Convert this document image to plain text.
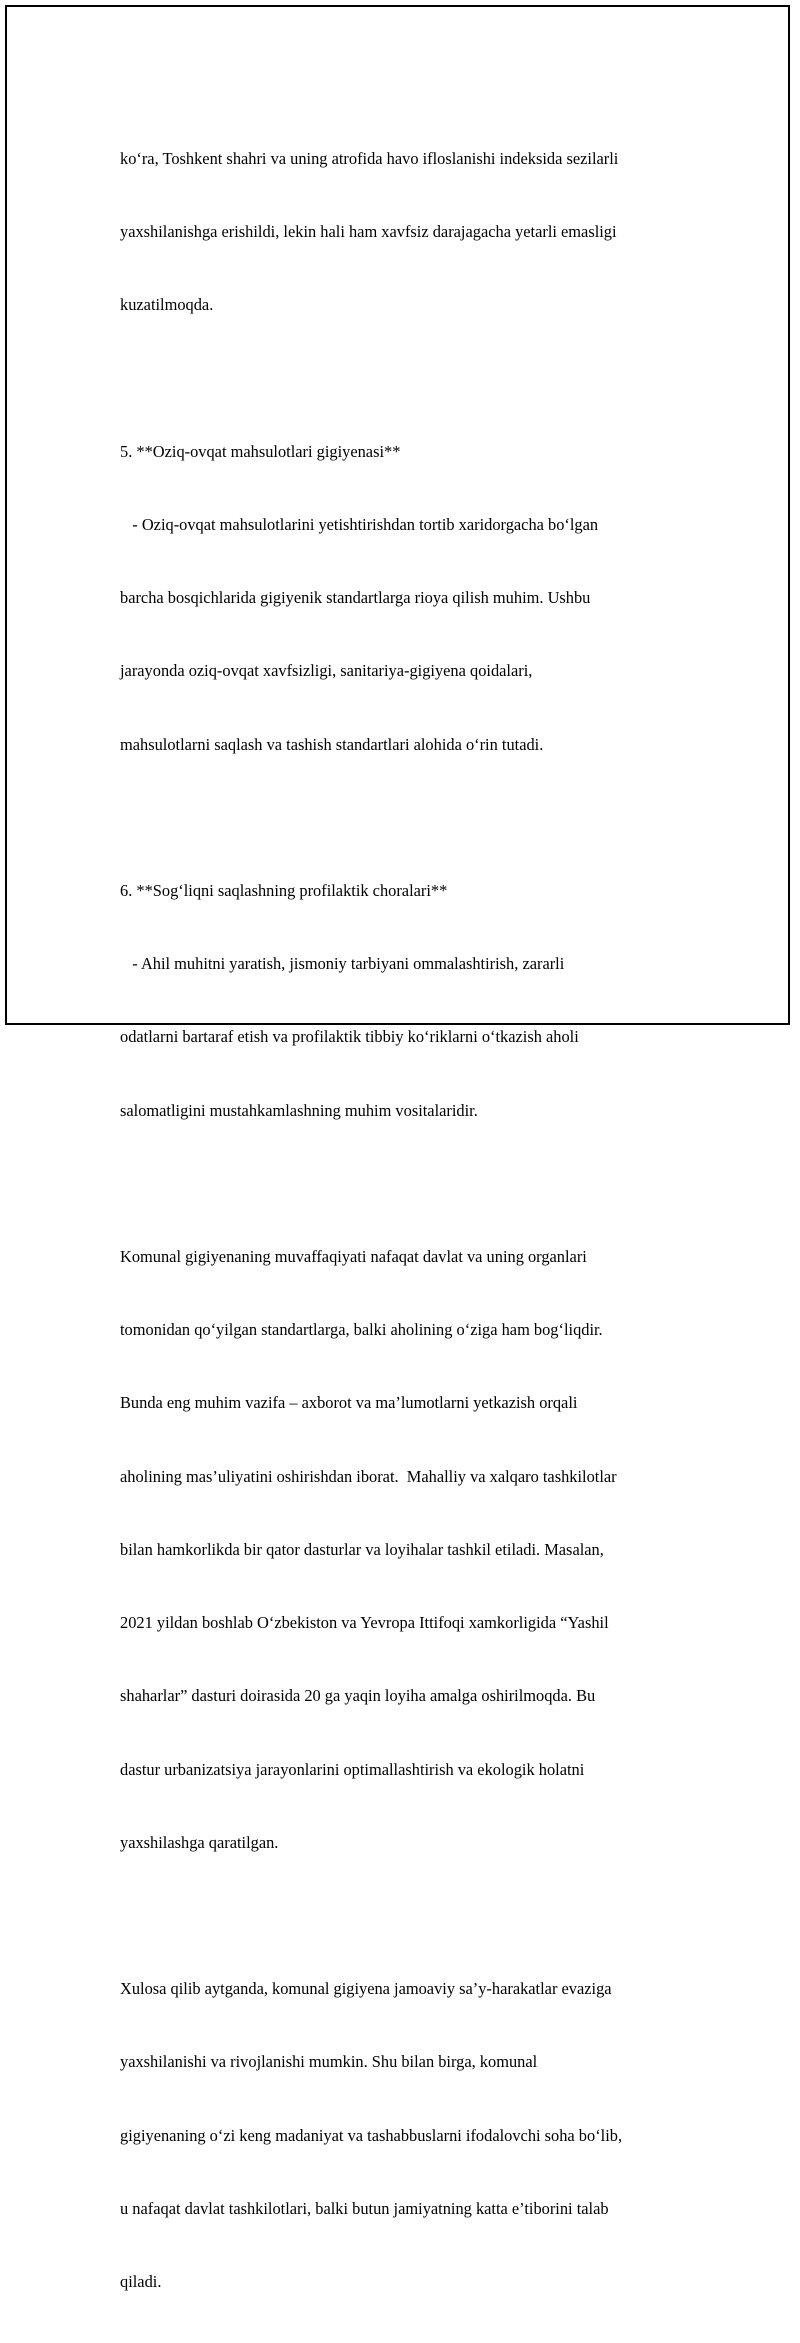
ko‘ra, Toshkent shahri va uning atrofida havo ifloslanishi indeksida sezilarli

yaxshilanishga erishildi, lekin hali ham xavfsiz darajagacha yetarli emasligi

kuzatilmoqda.

5. **Oziq-ovqat mahsulotlari gigiyenasi**

- Oziq-ovqat mahsulotlarini yetishtirishdan tortib xaridorgacha bo‘lgan

barcha bosqichlarida gigiyenik standartlarga rioya qilish muhim. Ushbu

jarayonda oziq-ovqat xavfsizligi, sanitariya-gigiyena qoidalari,

mahsulotlarni saqlash va tashish standartlari alohida o‘rin tutadi.

6. **Sog‘liqni saqlashning profilaktik choralari**

- Ahil muhitni yaratish, jismoniy tarbiyani ommalashtirish, zararli

odatlarni bartaraf etish va profilaktik tibbiy ko‘riklarni o‘tkazish aholi

salomatligini mustahkamlashning muhim vositalaridir.

Komunal gigiyenaning muvaffaqiyati nafaqat davlat va uning organlari

tomonidan qo‘yilgan standartlarga, balki aholining o‘ziga ham bog‘liqdir.

Bunda eng muhim vazifa – axborot va ma’lumotlarni yetkazish orqali

aholining mas’uliyatini oshirishdan iborat.  Mahalliy va xalqaro tashkilotlar

bilan hamkorlikda bir qator dasturlar va loyihalar tashkil etiladi. Masalan,

2021 yildan boshlab O‘zbekiston va Yevropa Ittifoqi xamkorligida “Yashil

shaharlar” dasturi doirasida 20 ga yaqin loyiha amalga oshirilmoqda. Bu

dastur urbanizatsiya jarayonlarini optimallashtirish va ekologik holatni

yaxshilashga qaratilgan.

Xulosa qilib aytganda, komunal gigiyena jamoaviy sa’y-harakatlar evaziga

yaxshilanishi va rivojlanishi mumkin. Shu bilan birga, komunal

gigiyenaning o‘zi keng madaniyat va tashabbuslarni ifodalovchi soha bo‘lib,

u nafaqat davlat tashkilotlari, balki butun jamiyatning katta e’tiborini talab

qiladi.
